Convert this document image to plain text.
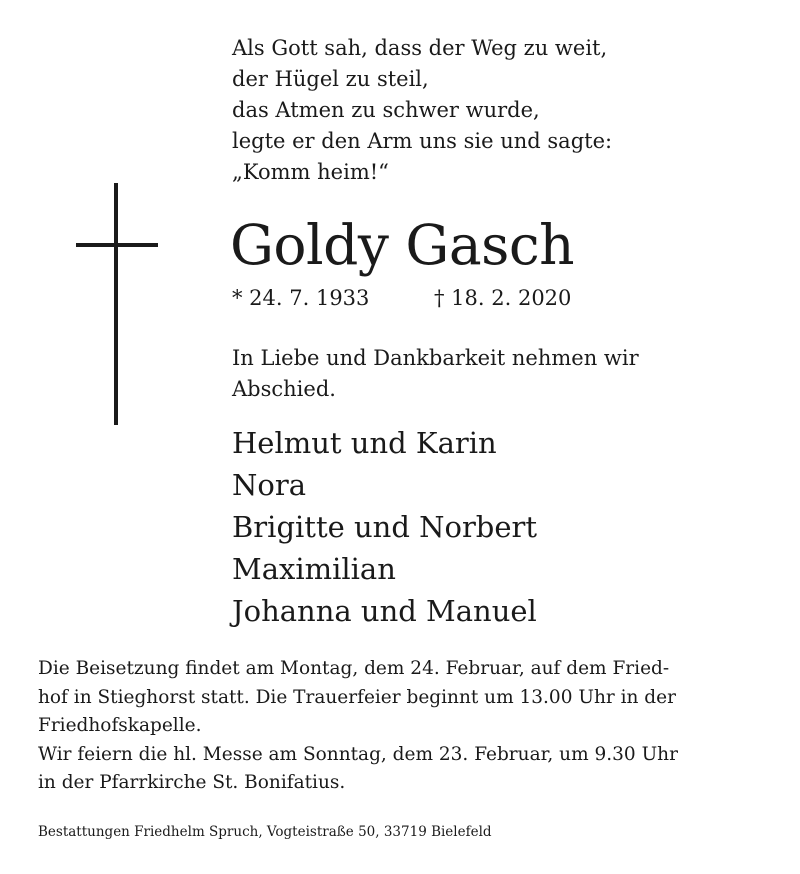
Als Gott sah, dass der Weg zu weit,
der Hügel zu steil,
das Atmen zu schwer wurde,
legte er den Arm uns sie und sagte:
„Komm heim!“
Goldy Gasch
* 24. 7. 1933	† 18. 2. 2020
In Liebe und Dankbarkeit nehmen wir
Abschied.
Helmut und Karin
Nora
Brigitte und Norbert
Maximilian
Johanna und Manuel
Die Beisetzung findet am Montag, dem 24. Februar, auf dem Fried-
hof in Stieghorst statt. Die Trauerfeier beginnt um 13.00 Uhr in der
Friedhofskapelle.
Wir feiern die hl. Messe am Sonntag, dem 23. Februar, um 9.30 Uhr
in der Pfarrkirche St. Bonifatius.
Bestattungen Friedhelm Spruch, Vogteistraße 50, 33719 Bielefeld
